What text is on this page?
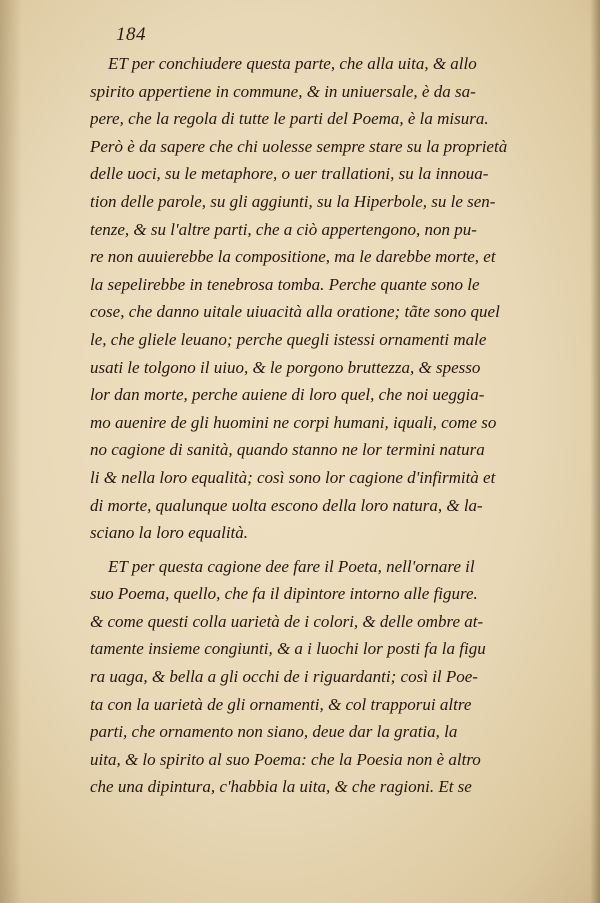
184
ET per conchiudere questa parte, che alla uita, & allo
spirito appertiene in commune, & in uniuersale, è da sa-
pere, che la regola di tutte le parti del Poema, è la misura.
Però è da sapere che chi uolesse sempre stare su la proprietà
delle uoci, su le metaphore, o uer trallationi, su la innoua-
tion delle parole, su gli aggiunti, su la Hiperbole, su le sen-
tenze, & su l'altre parti, che a ciò appertengono, non pu-
re non auuierebbe la compositione, ma le darebbe morte, et
la sepelirebbe in tenebrosa tomba. Perche quante sono le
cose, che danno uitale uiuacità alla oratione; tãte sono quel
le, che gliele leuano; perche quegli istessi ornamenti male
usati le tolgono il uiuo, & le porgono bruttezza, & spesso
lor dan morte, perche auiene di loro quel, che noi ueggia-
mo auenire de gli huomini ne corpi humani, iquali, come so
no cagione di sanità, quando stanno ne lor termini natura
li & nella loro equalità; così sono lor cagione d'infirmità et
di morte, qualunque uolta escono della loro natura, & la-
sciano la loro equalità.
ET per questa cagione dee fare il Poeta, nell'ornare il
suo Poema, quello, che fa il dipintore intorno alle figure.
& come questi colla uarietà de i colori, & delle ombre at-
tamente insieme congiunti, & a i luochi lor posti fa la figu
ra uaga, & bella a gli occhi de i riguardanti; così il Poe-
ta con la uarietà de gli ornamenti, & col trapporui altre
parti, che ornamento non siano, deue dar la gratia, la
uita, & lo spirito al suo Poema: che la Poesia non è altro
che una dipintura, c'habbia la uita, & che ragioni. Et se
